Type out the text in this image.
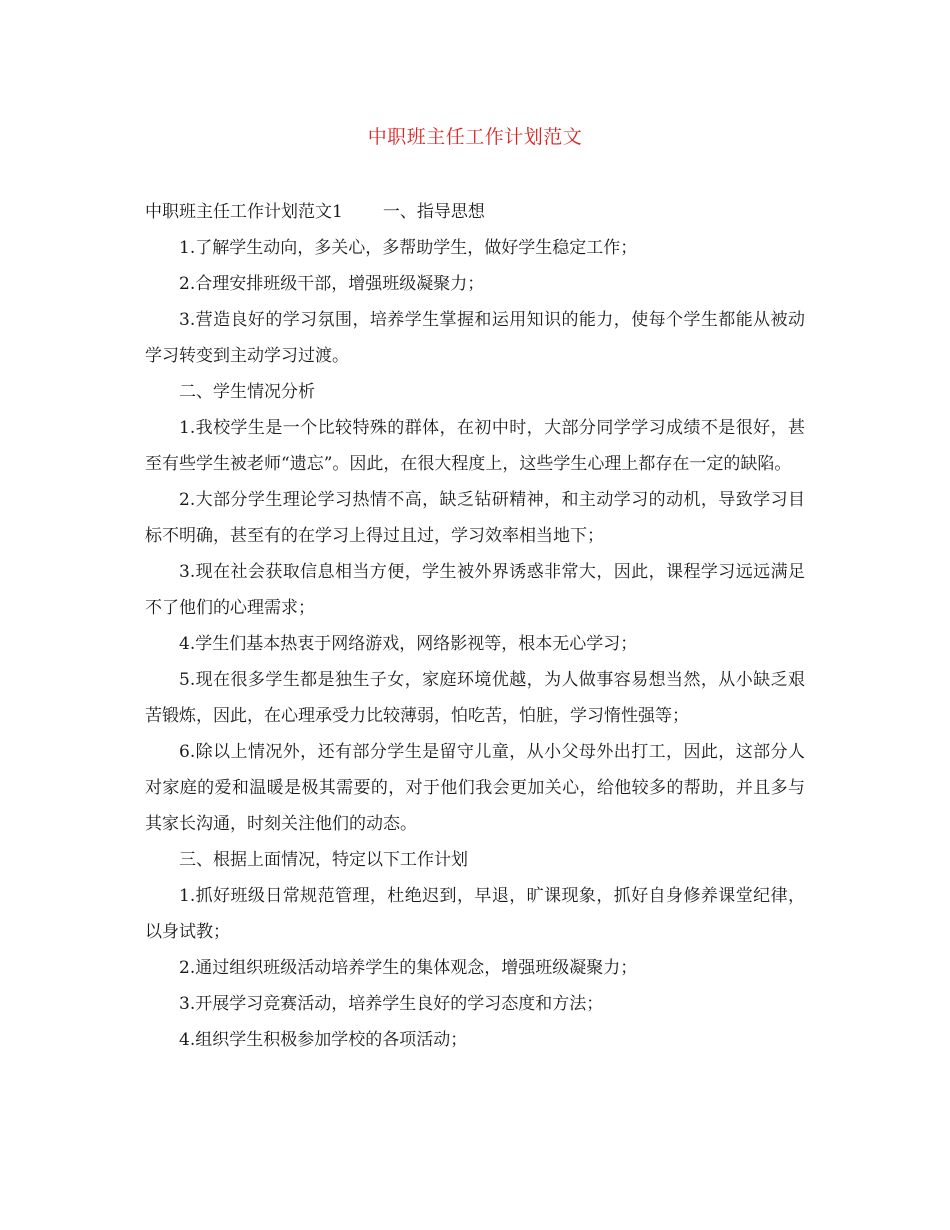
中职班主任工作计划范文

中职班主任工作计划范文1 一、指导思想

1.了解学生动向，多关心，多帮助学生，做好学生稳定工作；

2.合理安排班级干部，增强班级凝聚力；

3.营造良好的学习氛围，培养学生掌握和运用知识的能力，使每个学生都能从被动 学习转变到主动学习过渡。

二、学生情况分析

1.我校学生是一个比较特殊的群体，在初中时，大部分同学学习成绩不是很好，甚至有些学生被老师“遗忘”。因此，在很大程度上，这些学生心理上都存在一定的缺陷。

2.大部分学生理论学习热情不高，缺乏钻研精神，和主动学习的动机，导致学习目标不明确，甚至有的在学习上得过且过，学习效率相当地下；

3.现在社会获取信息相当方便，学生被外界诱惑非常大，因此，课程学习远远满足不了他们的心理需求；

4.学生们基本热衷于网络游戏，网络影视等，根本无心学习；

5.现在很多学生都是独生子女，家庭环境优越，为人做事容易想当然，从小缺乏艰苦锻炼，因此，在心理承受力比较薄弱，怕吃苦，怕脏，学习惰性强等；

6.除以上情况外，还有部分学生是留守儿童，从小父母外出打工，因此，这部分人对家庭的爱和温暖是极其需要的，对于他们我会更加关心，给他较多的帮助，并且多与其家长沟通，时刻关注他们的动态。

三、根据上面情况，特定以下工作计划

1.抓好班级日常规范管理，杜绝迟到，早退，旷课现象，抓好自身修养课堂纪律，以身试教；

2.通过组织班级活动培养学生的集体观念，增强班级凝聚力；

3.开展学习竞赛活动，培养学生良好的学习态度和方法；

4.组织学生积极参加学校的各项活动；
